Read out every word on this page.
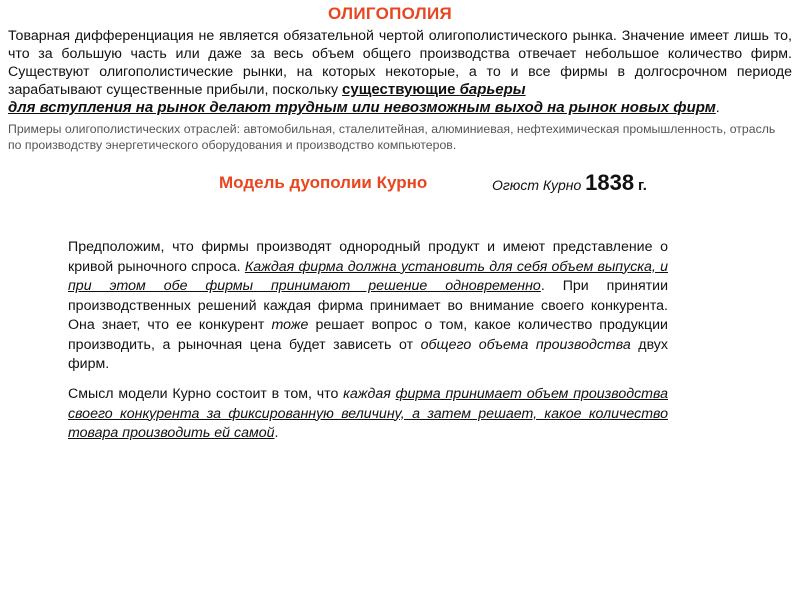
ОЛИГОПОЛИЯ
Товарная дифференциация не является обязательной чертой олигополистического рынка. Значение имеет лишь то, что за большую часть или даже за весь объем общего производства отвечает небольшое количество фирм. Существуют олигополистические рынки, на которых некоторые, а то и все фирмы в долгосрочном периоде зарабатывают существенные прибыли, поскольку существующие барьеры
для вступления на рынок делают трудным или невозможным выход на рынок новых фирм.
Примеры олигополистических отраслей: автомобильная, сталелитейная, алюминиевая, нефтехимическая промышленность, отрасль по производству энергетического оборудования и производство компьютеров.
Модель дуополии Курно	Огюст Курно 1838 г.
Предположим, что фирмы производят однородный продукт и имеют представление о кривой рыночного спроса. Каждая фирма должна установить для себя объем выпуска, и при этом обе фирмы принимают решение одновременно. При принятии производственных решений каждая фирма принимает во внимание своего конкурента. Она знает, что ее конкурент тоже решает вопрос о том, какое количество продукции производить, а рыночная цена будет зависеть от общего объема производства двух фирм.
Смысл модели Курно состоит в том, что каждая фирма принимает объем производства своего конкурента за фиксированную величину, а затем решает, какое количество товара производить ей самой.
